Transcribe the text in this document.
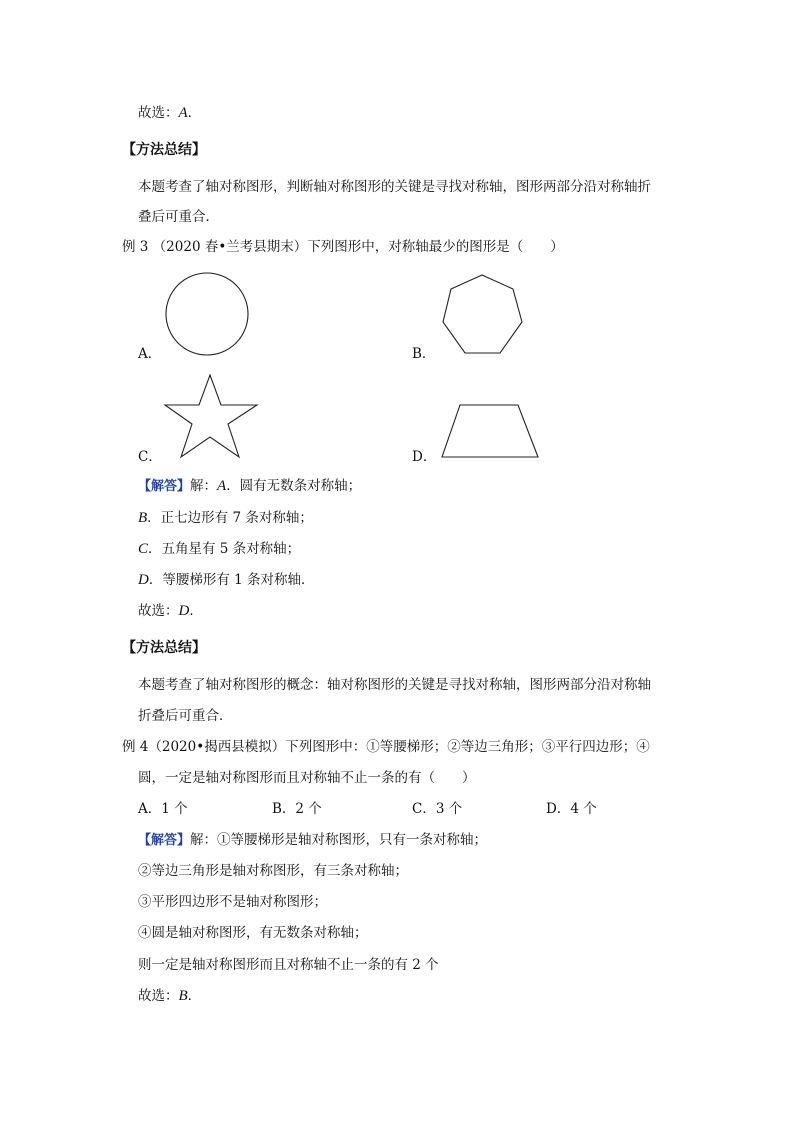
故选：A．
【方法总结】
本题考查了轴对称图形，判断轴对称图形的关键是寻找对称轴，图形两部分沿对称轴折
叠后可重合．
例 3 （2020 春•兰考县期末）下列图形中，对称轴最少的图形是（　　）
A．	B．
C．	D．
【解答】解：A．圆有无数条对称轴；
B．正七边形有 7 条对称轴；
C．五角星有 5 条对称轴；
D．等腰梯形有 1 条对称轴．
故选：D．
【方法总结】
本题考查了轴对称图形的概念：轴对称图形的关键是寻找对称轴，图形两部分沿对称轴
折叠后可重合．
例 4（2020•揭西县模拟）下列图形中：①等腰梯形；②等边三角形；③平行四边形；④
圆，一定是轴对称图形而且对称轴不止一条的有（　　）
A．1 个	B．2 个	C．3 个	D．4 个
【解答】解：①等腰梯形是轴对称图形，只有一条对称轴；
②等边三角形是轴对称图形，有三条对称轴；
③平形四边形不是轴对称图形；
④圆是轴对称图形，有无数条对称轴；
则一定是轴对称图形而且对称轴不止一条的有 2 个
故选：B．
